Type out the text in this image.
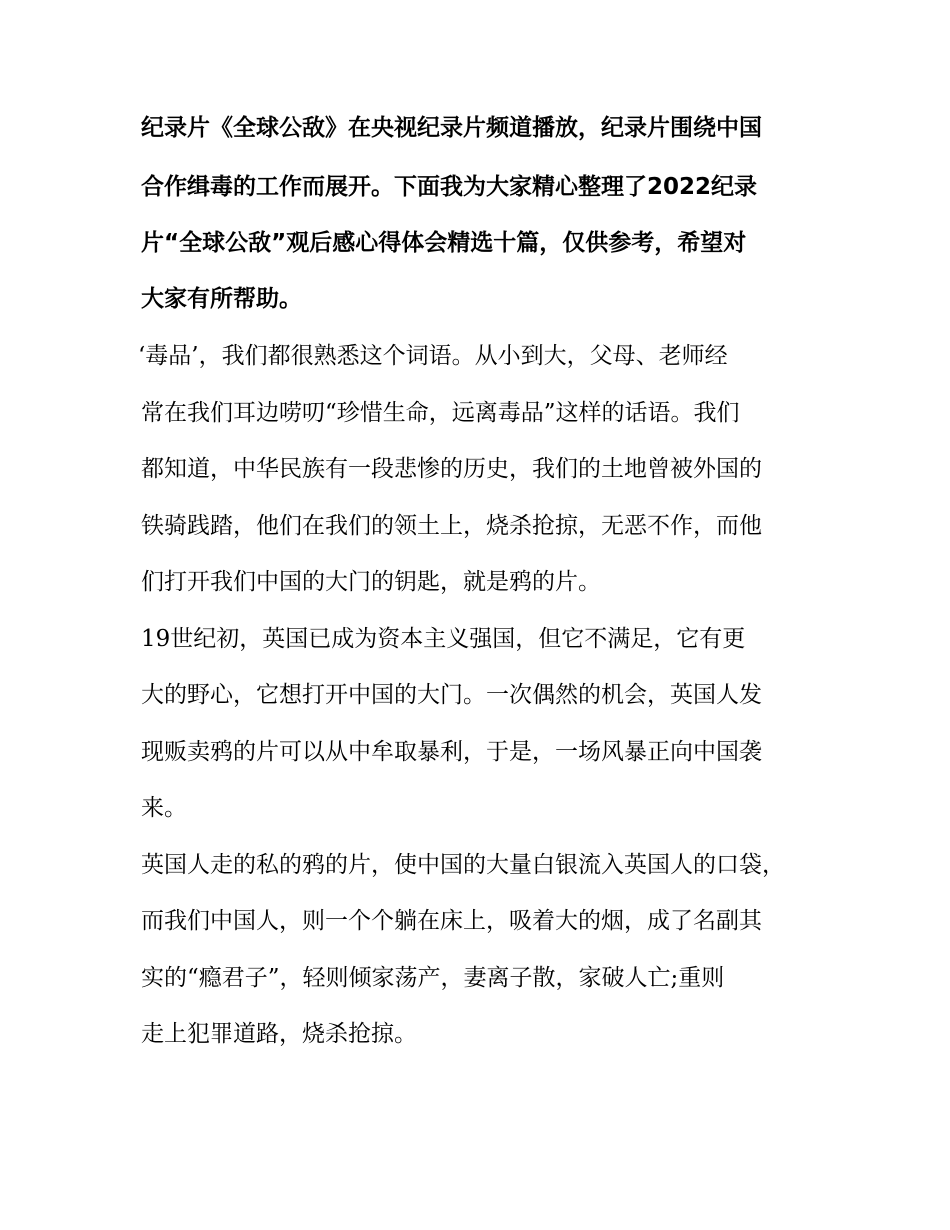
纪录片《全球公敌》在央视纪录片频道播放，纪录片围绕中国
合作缉毒的工作而展开。下面我为大家精心整理了2022纪录
片“全球公敌”观后感心得体会精选十篇，仅供参考，希望对
大家有所帮助。
‘毒品’，我们都很熟悉这个词语。从小到大，父母、老师经
常在我们耳边唠叨“珍惜生命，远离毒品”这样的话语。我们
都知道，中华民族有一段悲惨的历史，我们的土地曾被外国的
铁骑践踏，他们在我们的领土上，烧杀抢掠，无恶不作，而他
们打开我们中国的大门的钥匙，就是鸦的片。
19世纪初，英国已成为资本主义强国，但它不满足，它有更
大的野心，它想打开中国的大门。一次偶然的机会，英国人发
现贩卖鸦的片可以从中牟取暴利，于是，一场风暴正向中国袭
来。
英国人走的私的鸦的片，使中国的大量白银流入英国人的口袋，
而我们中国人，则一个个躺在床上，吸着大的烟，成了名副其
实的“瘾君子”，轻则倾家荡产，妻离子散，家破人亡;重则
走上犯罪道路，烧杀抢掠。
